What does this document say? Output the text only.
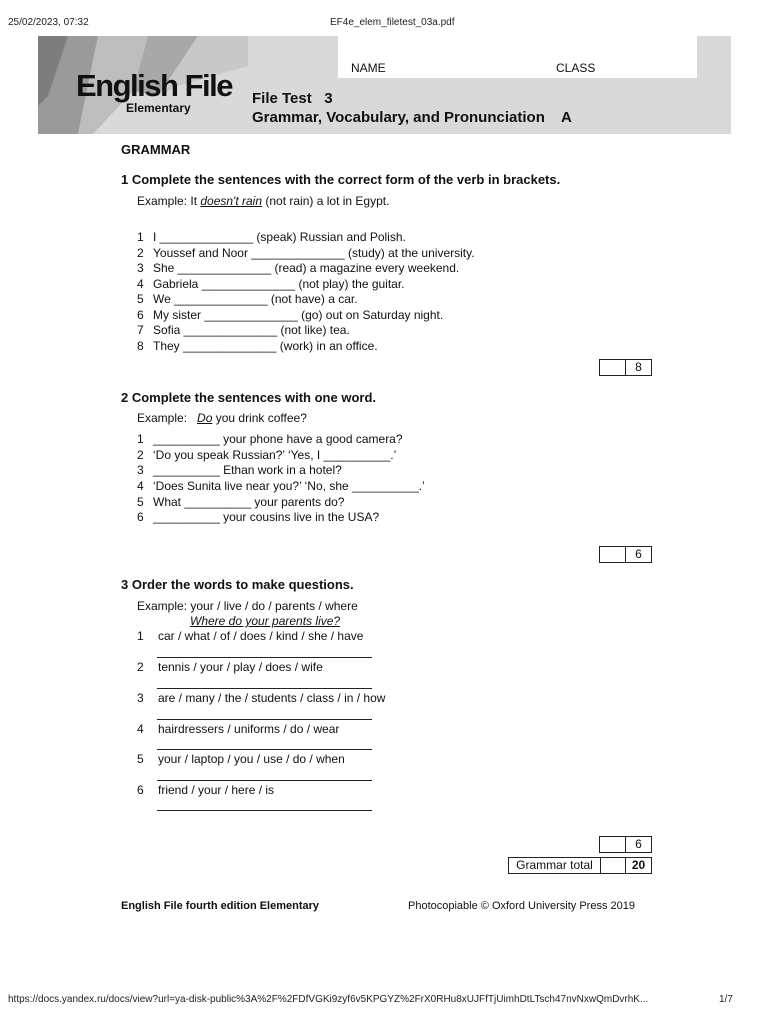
25/02/2023, 07:32	EF4e_elem_filetest_03a.pdf
English File
Elementary
NAME	CLASS
File Test   3
Grammar, Vocabulary, and Pronunciation    A
GRAMMAR
1 Complete the sentences with the correct form of the verb in brackets.
Example: It doesn't rain (not rain) a lot in Egypt.
1 I ______________ (speak) Russian and Polish.
2 Youssef and Noor ______________ (study) at the university.
3 She ______________ (read) a magazine every weekend.
4 Gabriela ______________ (not play) the guitar.
5 We ______________ (not have) a car.
6 My sister ______________ (go) out on Saturday night.
7 Sofia ______________ (not like) tea.
8 They ______________ (work) in an office.
8
2 Complete the sentences with one word.
Example:   Do you drink coffee?
1 __________ your phone have a good camera?
2 ‘Do you speak Russian?’ ‘Yes, I __________.’
3 __________ Ethan work in a hotel?
4 ‘Does Sunita live near you?’ ‘No, she __________.’
5 What __________ your parents do?
6 __________ your cousins live in the USA?
6
3 Order the words to make questions.
Example: your / live / do / parents / where
Where do your parents live?
1 car / what / of / does / kind / she / have
2 tennis / your / play / does / wife
3 are / many / the / students / class / in / how
4 hairdressers / uniforms / do / wear
5 your / laptop / you / use / do / when
6 friend / your / here / is
6
Grammar total	20
English File fourth edition Elementary	Photocopiable © Oxford University Press 2019
https://docs.yandex.ru/docs/view?url=ya-disk-public%3A%2F%2FDfVGKi9zyf6v5KPGYZ%2FrX0RHu8xUJFfTjUimhDtLTsch47nvNxwQmDvrhK...	1/7
